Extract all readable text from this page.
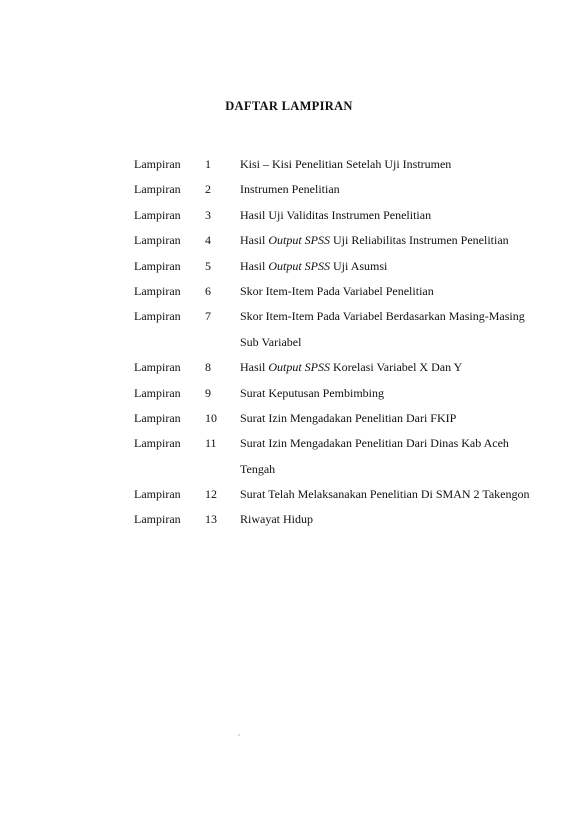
DAFTAR LAMPIRAN
Lampiran	1	Kisi – Kisi Penelitian Setelah Uji Instrumen
Lampiran	2	Instrumen Penelitian
Lampiran	3	Hasil Uji Validitas Instrumen Penelitian
Lampiran	4	Hasil Output SPSS Uji Reliabilitas Instrumen Penelitian
Lampiran	5	Hasil Output SPSS Uji Asumsi
Lampiran	6	Skor Item-Item Pada Variabel Penelitian
Lampiran	7	Skor Item-Item Pada Variabel Berdasarkan Masing-Masing
Sub Variabel
Lampiran	8	Hasil Output SPSS Korelasi Variabel X Dan Y
Lampiran	9	Surat Keputusan Pembimbing
Lampiran	10	Surat Izin Mengadakan Penelitian Dari FKIP
Lampiran	11	Surat Izin Mengadakan Penelitian Dari Dinas Kab Aceh
Tengah
Lampiran	12	Surat Telah Melaksanakan Penelitian Di SMAN 2 Takengon
Lampiran	13	Riwayat Hidup
